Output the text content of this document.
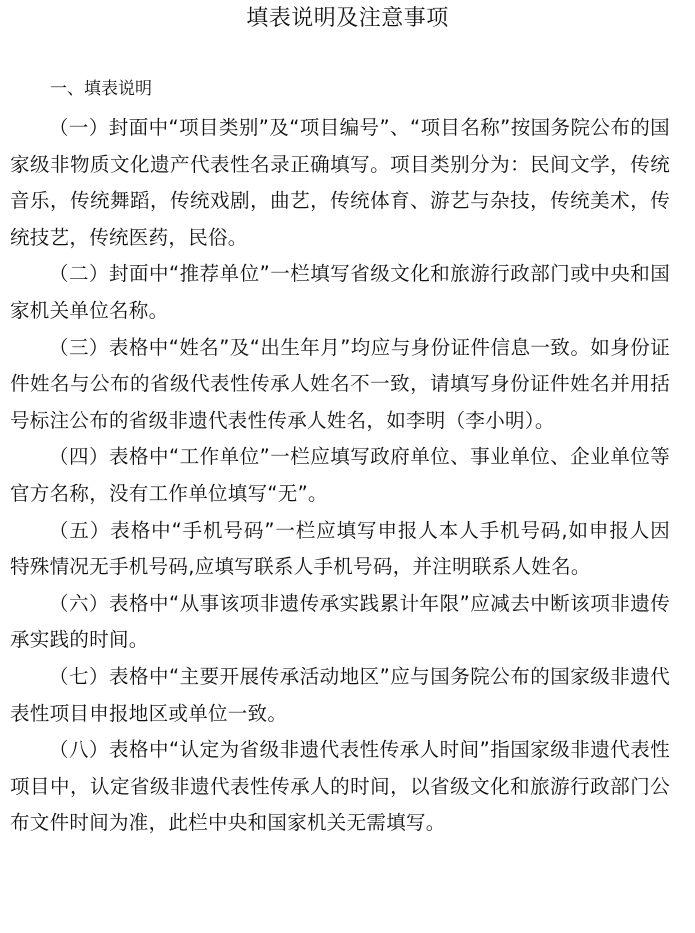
填表说明及注意事项
一、填表说明

（一）封面中“项目类别”及“项目编号”、“项目名称”按国务院公布的国家级非物质文化遗产代表性名录正确填写。项目类别分为：民间文学，传统音乐，传统舞蹈，传统戏剧，曲艺，传统体育、游艺与杂技，传统美术，传统技艺，传统医药，民俗。

（二）封面中“推荐单位”一栏填写省级文化和旅游行政部门或中央和国家机关单位名称。

（三）表格中“姓名”及“出生年月”均应与身份证件信息一致。如身份证件姓名与公布的省级代表性传承人姓名不一致，请填写身份证件姓名并用括号标注公布的省级非遗代表性传承人姓名，如李明（李小明）。

（四）表格中“工作单位”一栏应填写政府单位、事业单位、企业单位等官方名称，没有工作单位填写“无”。

（五）表格中“手机号码”一栏应填写申报人本人手机号码,如申报人因特殊情况无手机号码,应填写联系人手机号码，并注明联系人姓名。

（六）表格中“从事该项非遗传承实践累计年限”应减去中断该项非遗传承实践的时间。

（七）表格中“主要开展传承活动地区”应与国务院公布的国家级非遗代表性项目申报地区或单位一致。

（八）表格中“认定为省级非遗代表性传承人时间”指国家级非遗代表性项目中，认定省级非遗代表性传承人的时间，以省级文化和旅游行政部门公布文件时间为准，此栏中央和国家机关无需填写。
